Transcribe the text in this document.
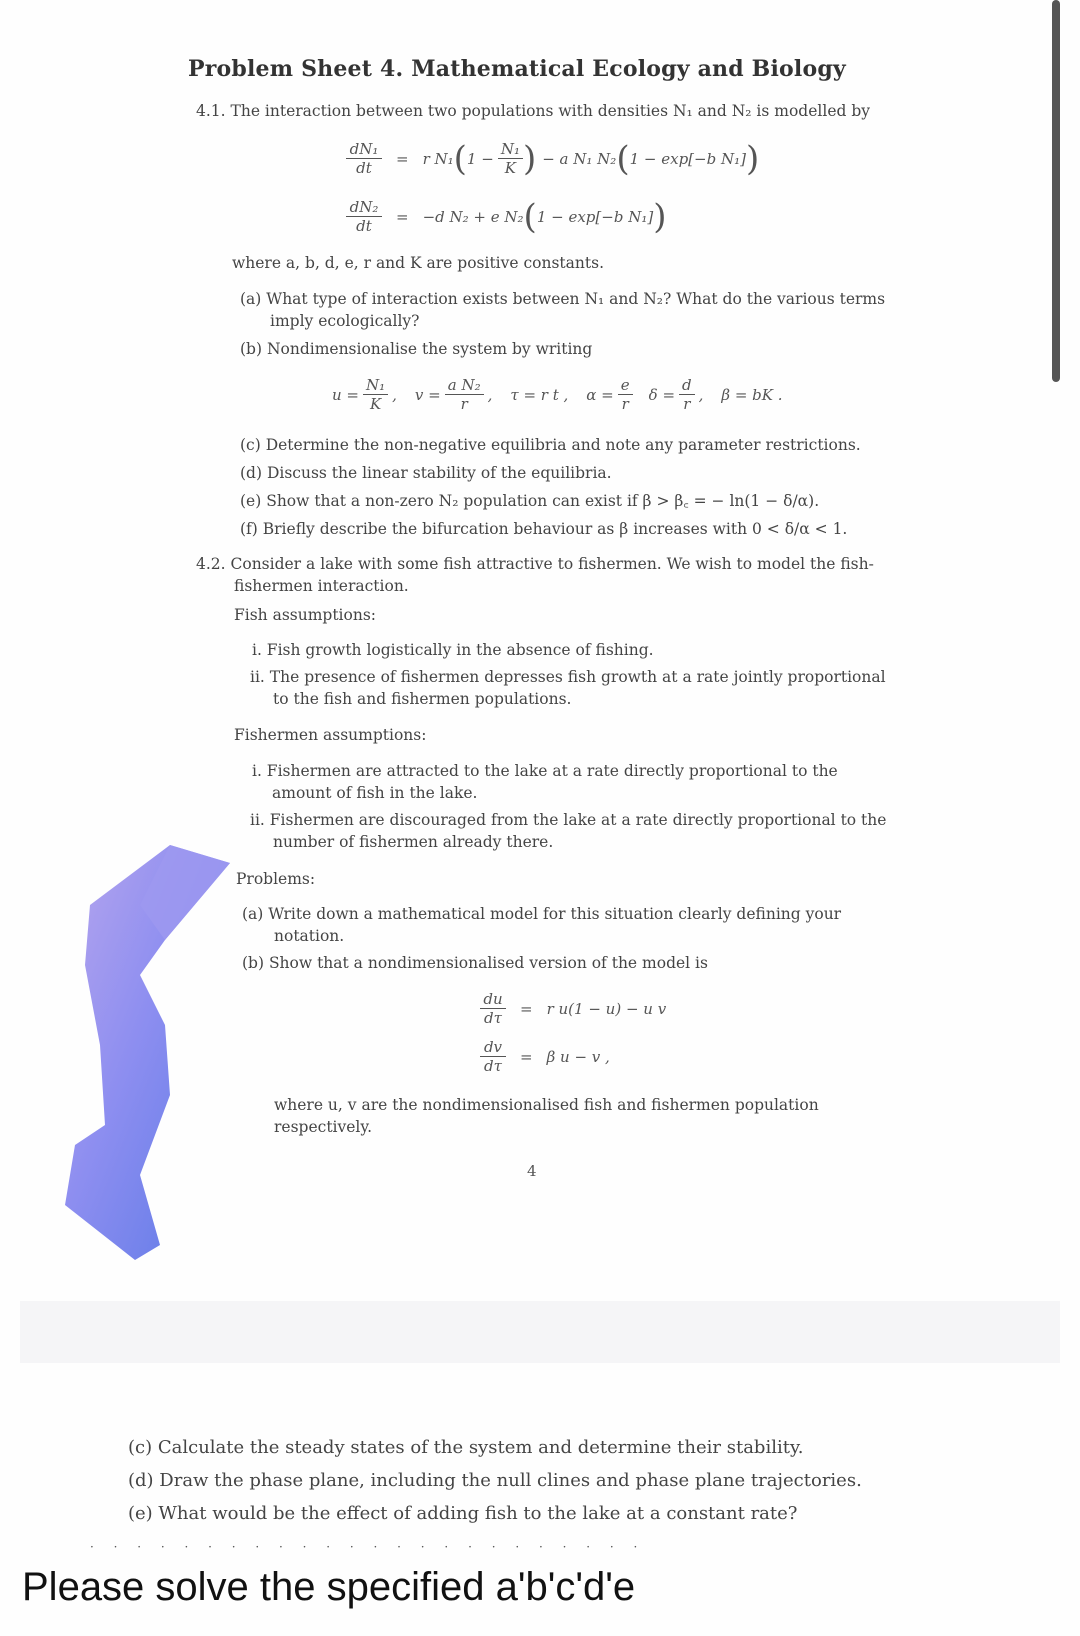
Problem Sheet 4. Mathematical Ecology and Biology
4.1. The interaction between two populations with densities N₁ and N₂ is modelled by
$\frac{\text{dN₁}}{dt} = r$ N₁ ( $1 - \frac{\text{N₁}}{K}$ ) − a N₁ N₂ ( 1 − exp[−b N₁] )
$\frac{\text{dN₂}}{dt} = -d$ N₂ + e N₂ ( 1 − exp[−b N₁] )
where a, b, d, e, r and K are positive constants.
(a) What type of interaction exists between N₁ and N₂? What do the various terms imply ecologically?
(b) Nondimensionalise the system by writing
$u = \frac{\text{N₁}}{K}$ , $v = \frac{\text{a N₂}}{r}$ , τ = r t , $\alpha = \frac{e}{r}$ $\delta = \frac{d}{r}$ , β = bK .
(c) Determine the non-negative equilibria and note any parameter restrictions.
(d) Discuss the linear stability of the equilibria.
(e) Show that a non-zero N₂ population can exist if β > β꜀ = − ln(1 − δ/α).
(f) Briefly describe the bifurcation behaviour as β increases with 0 < δ/α < 1.
4.2. Consider a lake with some fish attractive to fishermen. We wish to model the fish-fishermen interaction.
Fish assumptions:
i. Fish growth logistically in the absence of fishing.
ii. The presence of fishermen depresses fish growth at a rate jointly proportional to the fish and fishermen populations.
Fishermen assumptions:
i. Fishermen are attracted to the lake at a rate directly proportional to the amount of fish in the lake.
ii. Fishermen are discouraged from the lake at a rate directly proportional to the number of fishermen already there.
Problems:
(a) Write down a mathematical model for this situation clearly defining your notation.
(b) Show that a nondimensionalised version of the model is
$\frac{du}{d\tau} = r$ u(1 − u) − u v
$\frac{dv}{d\tau} = \beta$ u − v ,
where u, v are the nondimensionalised fish and fishermen population respectively.
4
(c) Calculate the steady states of the system and determine their stability.
(d) Draw the phase plane, including the null clines and phase plane trajectories.
(e) What would be the effect of adding fish to the lake at a constant rate?
· · · · · · · · · · · · · · · · · · · · · · · ·
Please solve the specified a'b'c'd'e
